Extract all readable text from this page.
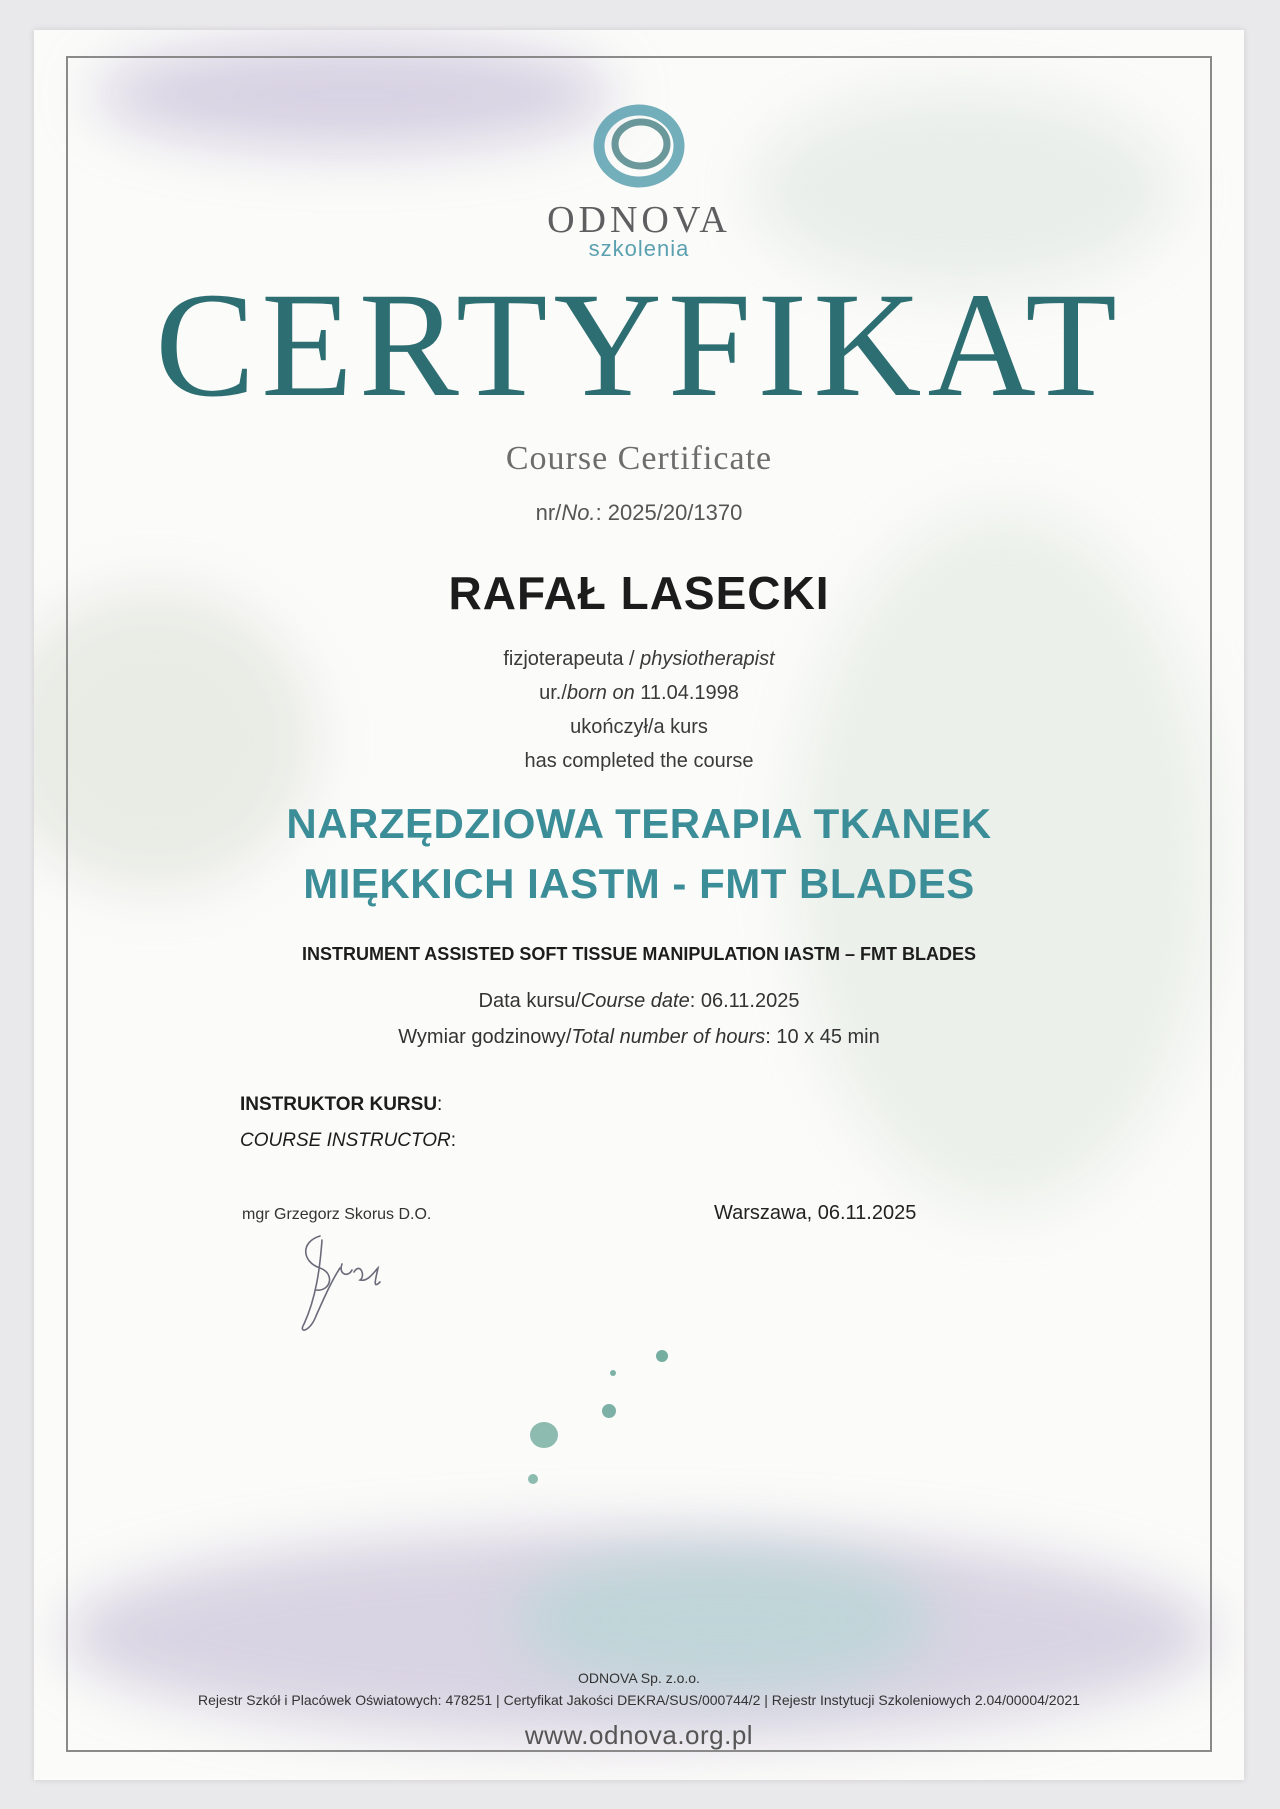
ODNOVA
szkolenia
CERTYFIKAT
Course Certificate
nr/No.: 2025/20/1370
RAFAŁ LASECKI
fizjoterapeuta / physiotherapist
ur./born on 11.04.1998
ukończył/a kurs
has completed the course
NARZĘDZIOWA TERAPIA TKANEK
MIĘKKICH IASTM - FMT BLADES
INSTRUMENT ASSISTED SOFT TISSUE MANIPULATION IASTM – FMT BLADES
Data kursu/Course date: 06.11.2025
Wymiar godzinowy/Total number of hours: 10 x 45 min
INSTRUKTOR KURSU:
COURSE INSTRUCTOR:
mgr Grzegorz Skorus D.O.	Warszawa, 06.11.2025
ODNOVA Sp. z.o.o.
Rejestr Szkół i Placówek Oświatowych: 478251 | Certyfikat Jakości DEKRA/SUS/000744/2 | Rejestr Instytucji Szkoleniowych 2.04/00004/2021
www.odnova.org.pl
